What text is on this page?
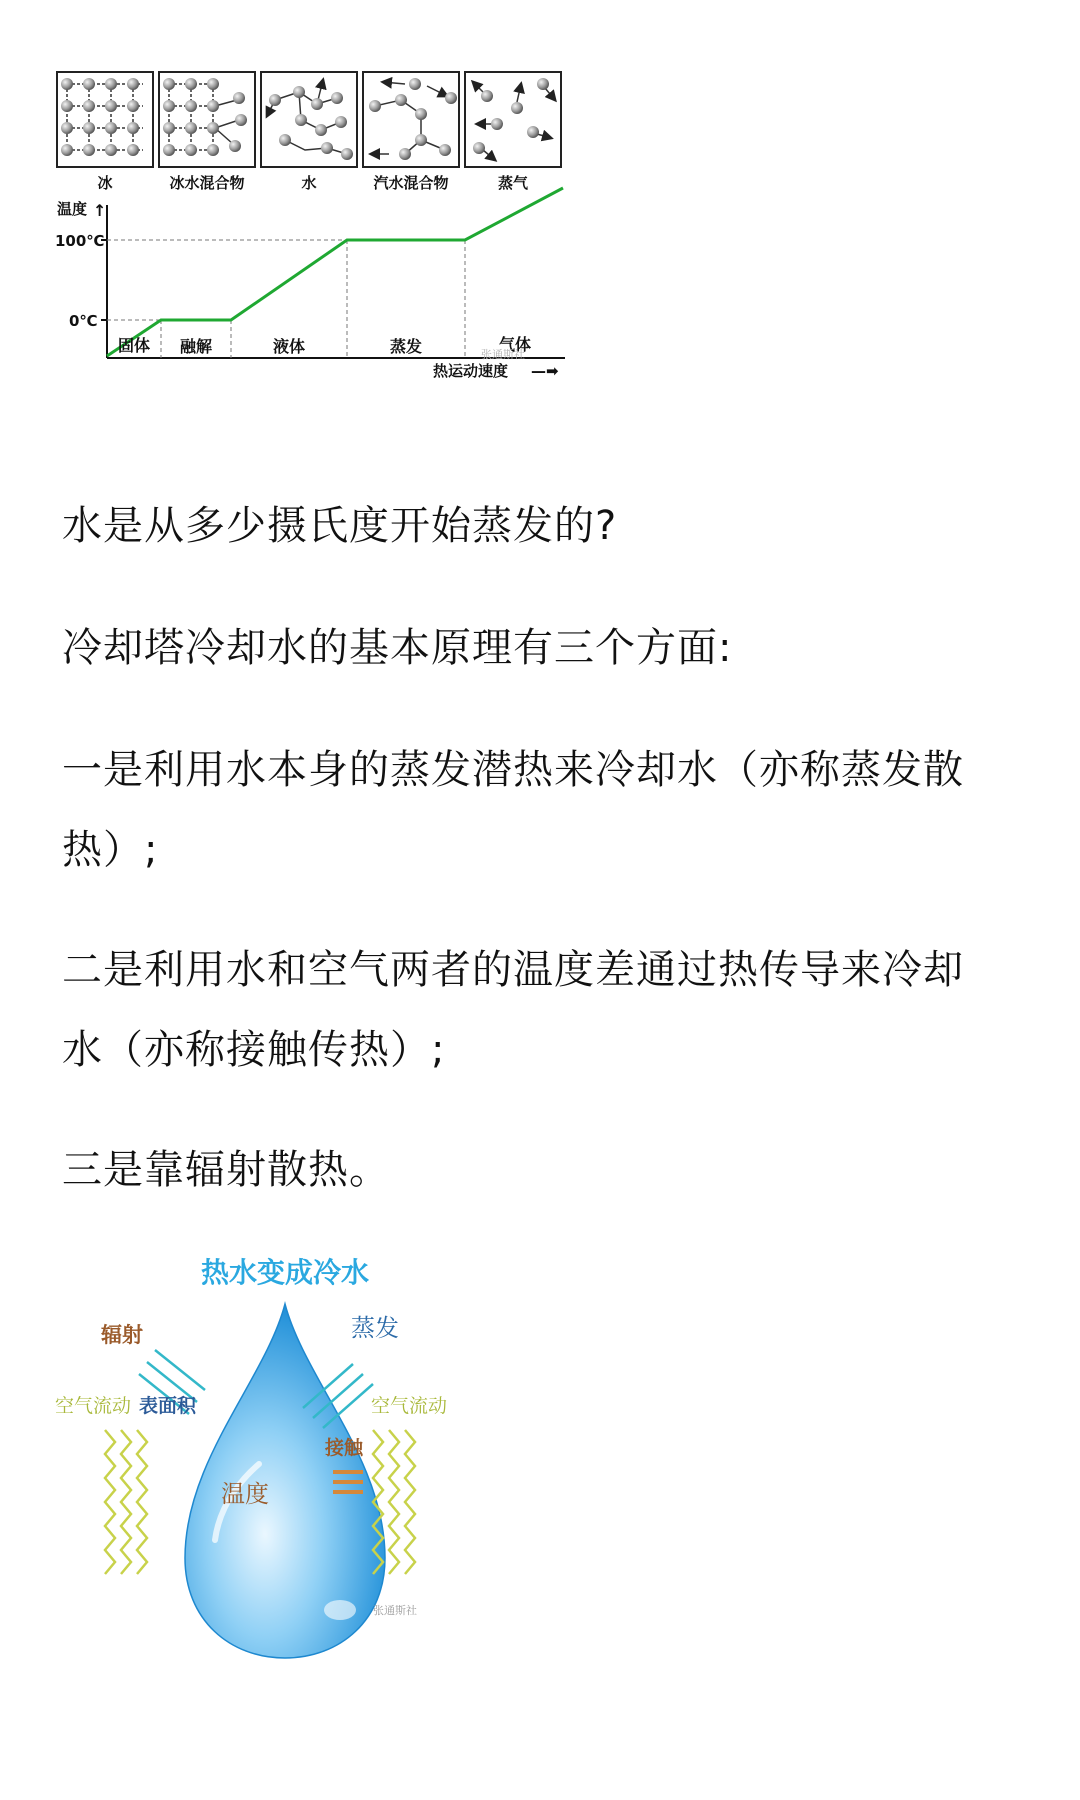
冰	冰水混合物	水	汽水混合物	蒸气
温度 ↑
100℃
0℃
固体 融解	液体	蒸发	气体
张通斯社
热运动速度 —➡

水是从多少摄氏度开始蒸发的?

冷却塔冷却水的基本原理有三个方面:

一是利用水本身的蒸发潜热来冷却水（亦称蒸发散
热）;

二是利用水和空气两者的温度差通过热传导来冷却
水（亦称接触传热）;

三是靠辐射散热。

热水变成冷水
辐射	蒸发
空气流动 表面积	空气流动
接触
温度
张通斯社
